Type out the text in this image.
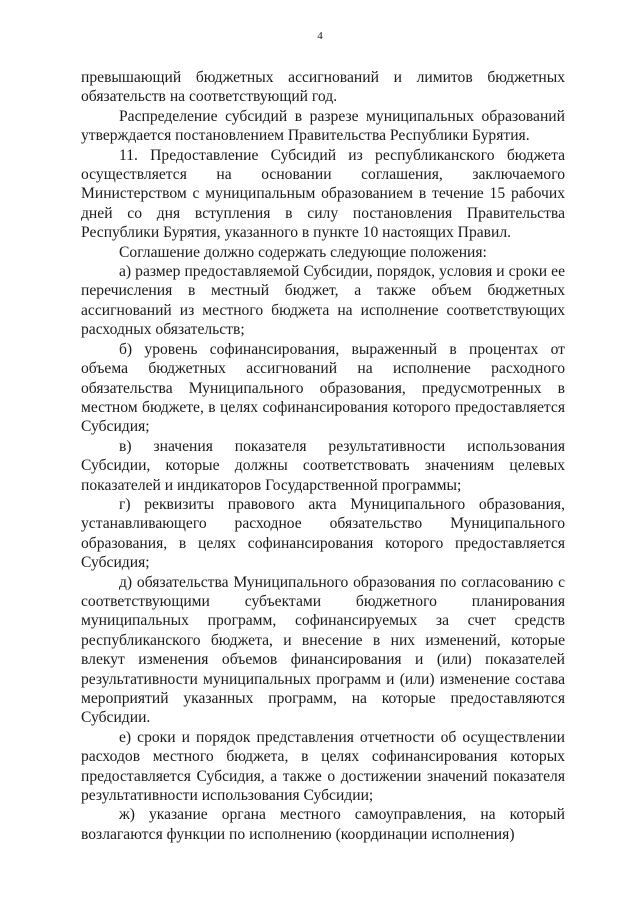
4

превышающий бюджетных ассигнований и лимитов бюджетных обязательств на соответствующий год.

Распределение субсидий в разрезе муниципальных образований утверждается постановлением Правительства Республики Бурятия.

11. Предоставление Субсидий из республиканского бюджета осуществляется на основании соглашения, заключаемого Министерством с муниципальным образованием в течение 15 рабочих дней со дня вступления в силу постановления Правительства Республики Бурятия, указанного в пункте 10 настоящих Правил.

Соглашение должно содержать следующие положения:

а) размер предоставляемой Субсидии, порядок, условия и сроки ее перечисления в местный бюджет, а также объем бюджетных ассигнований из местного бюджета на исполнение соответствующих расходных обязательств;

б) уровень софинансирования, выраженный в процентах от объема бюджетных ассигнований на исполнение расходного обязательства Муниципального образования, предусмотренных в местном бюджете, в целях софинансирования которого предоставляется Субсидия;

в) значения показателя результативности использования Субсидии, которые должны соответствовать значениям целевых показателей и индикаторов Государственной программы;

г) реквизиты правового акта Муниципального образования, устанавливающего расходное обязательство Муниципального образования, в целях софинансирования которого предоставляется Субсидия;

д) обязательства Муниципального образования по согласованию с соответствующими субъектами бюджетного планирования муниципальных программ, софинансируемых за счет средств республиканского бюджета, и внесение в них изменений, которые влекут изменения объемов финансирования и (или) показателей результативности муниципальных программ и (или) изменение состава мероприятий указанных программ, на которые предоставляются Субсидии.

е) сроки и порядок представления отчетности об осуществлении расходов местного бюджета, в целях софинансирования которых предоставляется Субсидия, а также о достижении значений показателя результативности использования Субсидии;

ж) указание органа местного самоуправления, на который возлагаются функции по исполнению (координации исполнения)
